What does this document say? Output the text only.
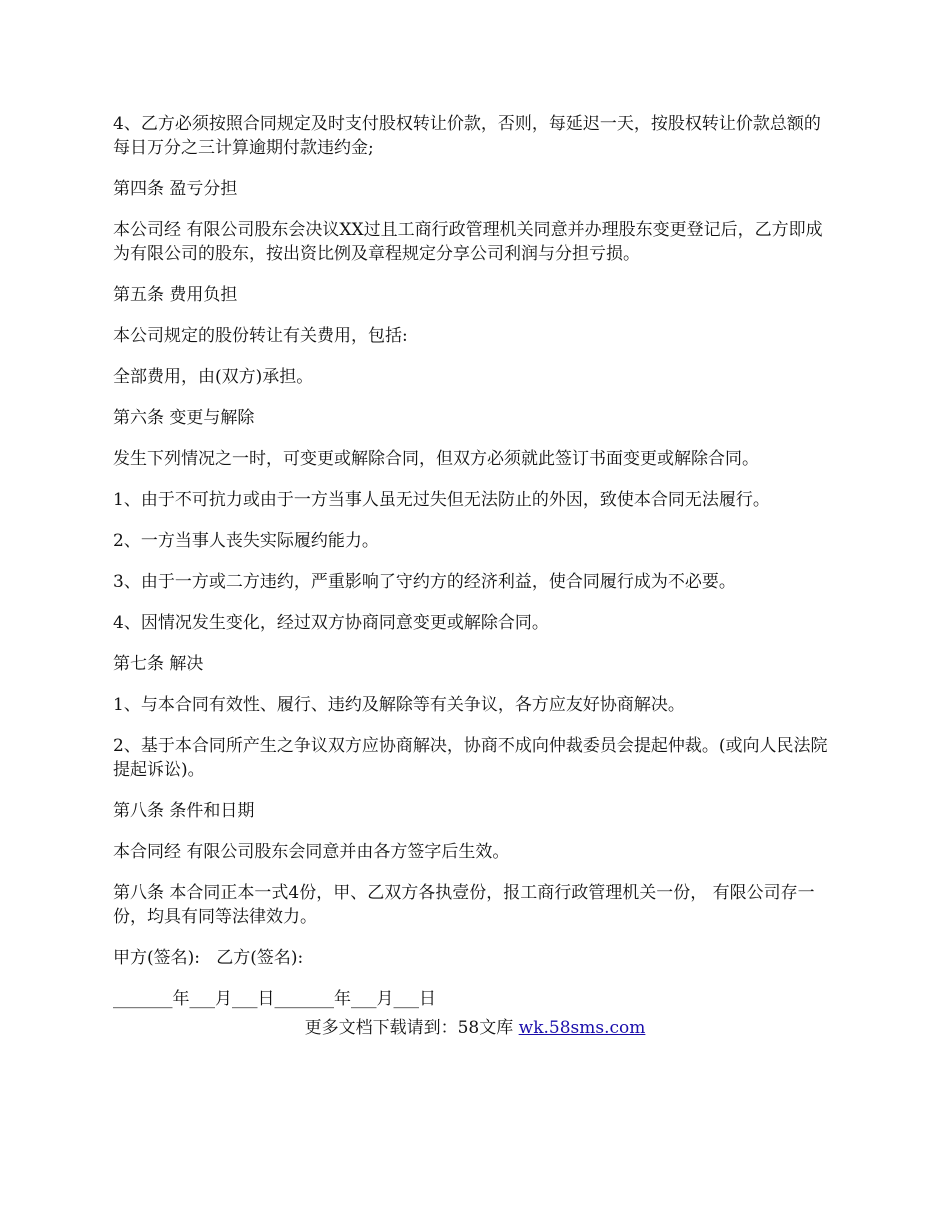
4、乙方必须按照合同规定及时支付股权转让价款，否则，每延迟一天，按股权转让价款总额的每日万分之三计算逾期付款违约金;

第四条 盈亏分担

本公司经 有限公司股东会决议XX过且工商行政管理机关同意并办理股东变更登记后，乙方即成为有限公司的股东，按出资比例及章程规定分享公司利润与分担亏损。

第五条 费用负担

本公司规定的股份转让有关费用，包括:

全部费用，由(双方)承担。

第六条 变更与解除

发生下列情况之一时，可变更或解除合同，但双方必须就此签订书面变更或解除合同。

1、由于不可抗力或由于一方当事人虽无过失但无法防止的外因，致使本合同无法履行。

2、一方当事人丧失实际履约能力。

3、由于一方或二方违约，严重影响了守约方的经济利益，使合同履行成为不必要。

4、因情况发生变化，经过双方协商同意变更或解除合同。

第七条 解决

1、与本合同有效性、履行、违约及解除等有关争议，各方应友好协商解决。

2、基于本合同所产生之争议双方应协商解决，协商不成向仲裁委员会提起仲裁。(或向人民法院提起诉讼)。

第八条 条件和日期

本合同经 有限公司股东会同意并由各方签字后生效。

第八条 本合同正本一式4份，甲、乙双方各执壹份，报工商行政管理机关一份， 有限公司存一份，均具有同等法律效力。

甲方(签名):   乙方(签名):

_______年___月___日_______年___月___日

更多文档下载请到：58文库 wk.58sms.com
